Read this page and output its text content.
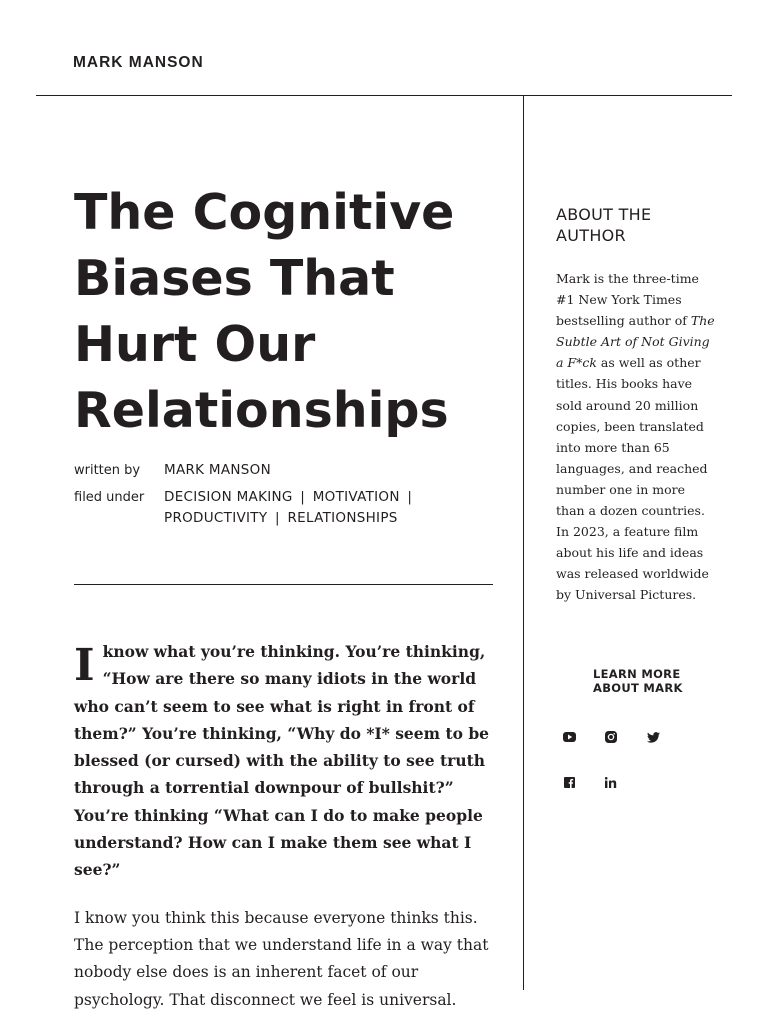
MARK MANSON
The Cognitive Biases That Hurt Our Relationships
written by	MARK MANSON
filed under	DECISION MAKING | MOTIVATION |
PRODUCTIVITY | RELATIONSHIPS

Iknow what you’re thinking. You’re thinking, “How are there so many idiots in the world who can’t seem to see what is right in front of them?” You’re thinking, “Why do *I* seem to be blessed (or cursed) with the ability to see truth through a torrential downpour of bullshit?” You’re thinking “What can I do to make people understand? How can I make them see what I see?”

I know you think this because everyone thinks this. The perception that we understand life in a way that nobody else does is an inherent facet of our psychology. That disconnect we feel is universal.

ABOUT THE AUTHOR

Mark is the three-time #1 New York Times bestselling author of The Subtle Art of Not Giving a F*ck as well as other titles. His books have sold around 20 million copies, been translated into more than 65 languages, and reached number one in more than a dozen countries. In 2023, a feature film about his life and ideas was released worldwide by Universal Pictures.

LEARN MORE ABOUT MARK
